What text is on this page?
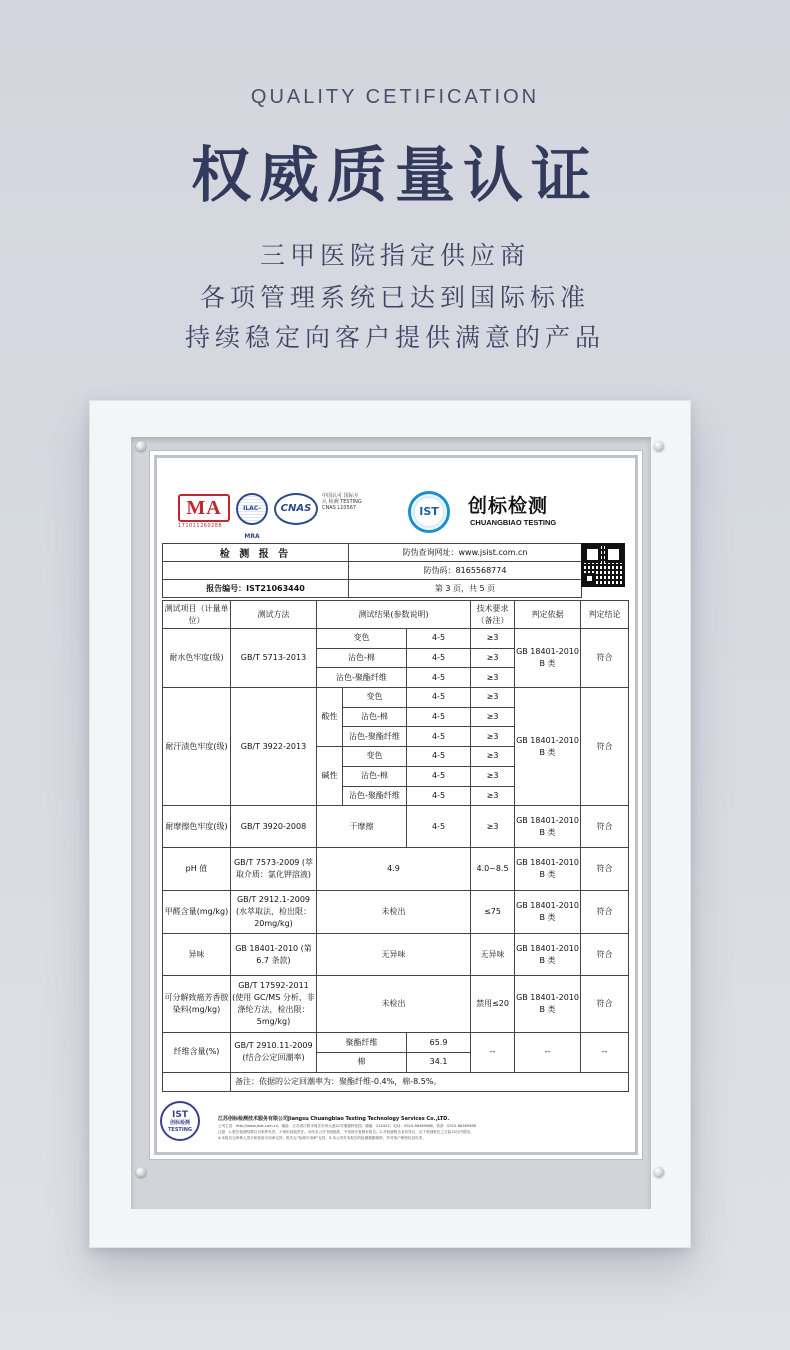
QUALITY CETIFICATION
权威质量认证
三甲医院指定供应商
各项管理系统已达到国际标准
持续稳定向客户提供满意的产品
MA
171011260288
ILAC-MRA
CNAS
中国认可 国际互认 检测 TESTING CNAS L10567	IST	创标检测
CHUANGBIAO TESTING
检 测 报 告	防伪查询网址：www.jsist.com.cn

	防伪码：8165568774
报告编号：IST21063440	第 3 页，共 5 页
测试项目（计量单位）	测试方法	测试结果(参数说明)			技术要求（备注）	判定依据	判定结论
耐水色牢度(级)	GB/T 5713-2013	变色		4-5	≥3	GB 18401-2010 B 类	符合
		沾色-棉		4-5	≥3		
		沾色-聚酯纤维		4-5	≥3		
耐汗渍色牢度(级)	GB/T 3922-2013	酸性	变色	4-5	≥3	GB 18401-2010 B 类	符合
			沾色-棉	4-5	≥3		
			沾色-聚酯纤维	4-5	≥3		
		碱性	变色	4-5	≥3		
			沾色-棉	4-5	≥3		
			沾色-聚酯纤维	4-5	≥3		
耐摩擦色牢度(级)	GB/T 3920-2008	干摩擦		4-5	≥3	GB 18401-2010 B 类	符合
pH 值	GB/T 7573-2009 (萃取介质：氯化钾溶液)	4.9			4.0~8.5	GB 18401-2010 B 类	符合
甲醛含量(mg/kg)	GB/T 2912.1-2009 (水萃取法，检出限：20mg/kg)	未检出			≤75	GB 18401-2010 B 类	符合
异味	GB 18401-2010 (第 6.7 条款)	无异味			无异味	GB 18401-2010 B 类	符合
可分解致癌芳香胺染料(mg/kg)	GB/T 17592-2011 (使用 GC/MS 分析，非涤纶方法，检出限：5mg/kg)	未检出			禁用≤20	GB 18401-2010 B 类	符合
纤维含量(%)	GB/T 2910.11-2009 (结合公定回潮率)	聚酯纤维		65.9	--	--	--
		棉		34.1			
	备注：依据的公定回潮率为：聚酯纤维-0.4%，棉-8.5%。						
IST
创标检测 TESTING
江苏创标检测技术服务有限公司Jiangsu Chuangbiao Testing Technology Services Co.,LTD.
公司主页：http://www.jsist.com.cn，地址：江苏省江阴市周庄东风大道21号瑞德科技园，邮编：214423，电话：0510-86369088，传真：0510-86369388
注意：1.报告检测结果仅对来样负责，不承担其他责任。未经本公司书面批准，不得部分复制本报告。2.对检测报告若有异议，应于收到报告之日起15日内提出。
4.本报告无审核人签字和检验专用章无效，报告无"检测专用章"无效。5.本公司对本报告的检测数据保密，并对客户保密信息负责。
